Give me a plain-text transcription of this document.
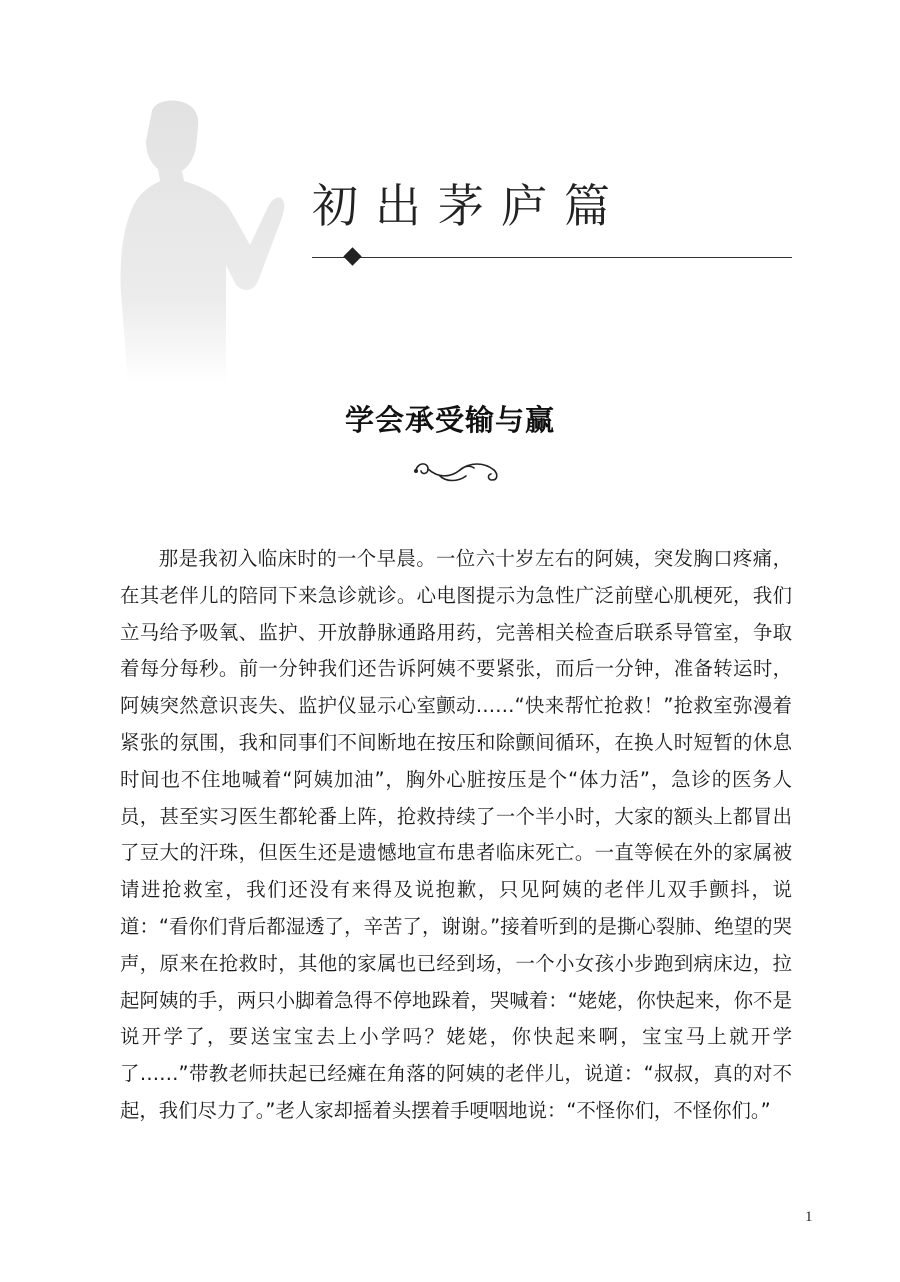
初出茅庐篇
学会承受输与赢

那是我初入临床时的一个早晨。一位六十岁左右的阿姨，突发胸口疼痛，在其老伴儿的陪同下来急诊就诊。心电图提示为急性广泛前壁心肌梗死，我们立马给予吸氧、监护、开放静脉通路用药，完善相关检查后联系导管室，争取着每分每秒。前一分钟我们还告诉阿姨不要紧张，而后一分钟，准备转运时，阿姨突然意识丧失、监护仪显示心室颤动……“快来帮忙抢救！”抢救室弥漫着紧张的氛围，我和同事们不间断地在按压和除颤间循环，在换人时短暂的休息时间也不住地喊着“阿姨加油”，胸外心脏按压是个“体力活”，急诊的医务人员，甚至实习医生都轮番上阵，抢救持续了一个半小时，大家的额头上都冒出了豆大的汗珠，但医生还是遗憾地宣布患者临床死亡。一直等候在外的家属被请进抢救室，我们还没有来得及说抱歉，只见阿姨的老伴儿双手颤抖，说道：“看你们背后都湿透了，辛苦了，谢谢。”接着听到的是撕心裂肺、绝望的哭声，原来在抢救时，其他的家属也已经到场，一个小女孩小步跑到病床边，拉起阿姨的手，两只小脚着急得不停地跺着，哭喊着：“姥姥，你快起来，你不是说开学了，要送宝宝去上小学吗？姥姥，你快起来啊，宝宝马上就开学了……”带教老师扶起已经瘫在角落的阿姨的老伴儿，说道：“叔叔，真的对不起，我们尽力了。”老人家却摇着头摆着手哽咽地说：“不怪你们，不怪你们。”

1
